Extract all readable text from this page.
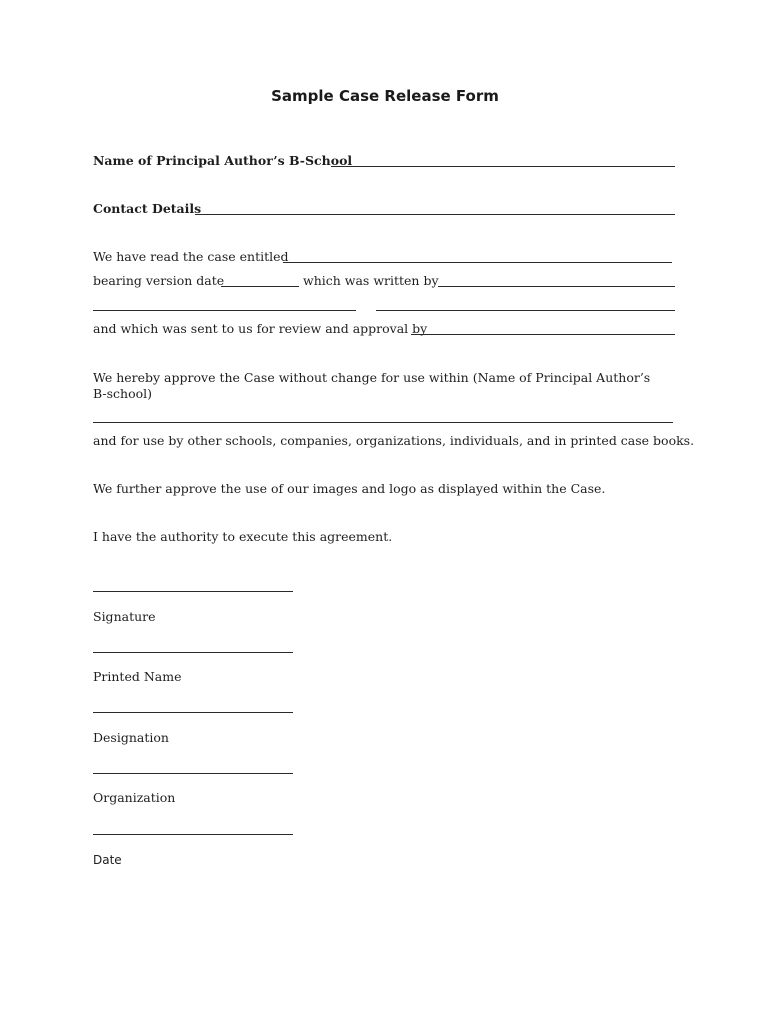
Sample Case Release Form
Name of Principal Author’s B-School
Contact Details
We have read the case entitled
bearing version date	which was written by
and which was sent to us for review and approval by
We hereby approve the Case without change for use within (Name of Principal Author’s B-school)
and for use by other schools, companies, organizations, individuals, and in printed case books.
We further approve the use of our images and logo as displayed within the Case.
I have the authority to execute this agreement.
Signature
Printed Name
Designation
Organization
Date
